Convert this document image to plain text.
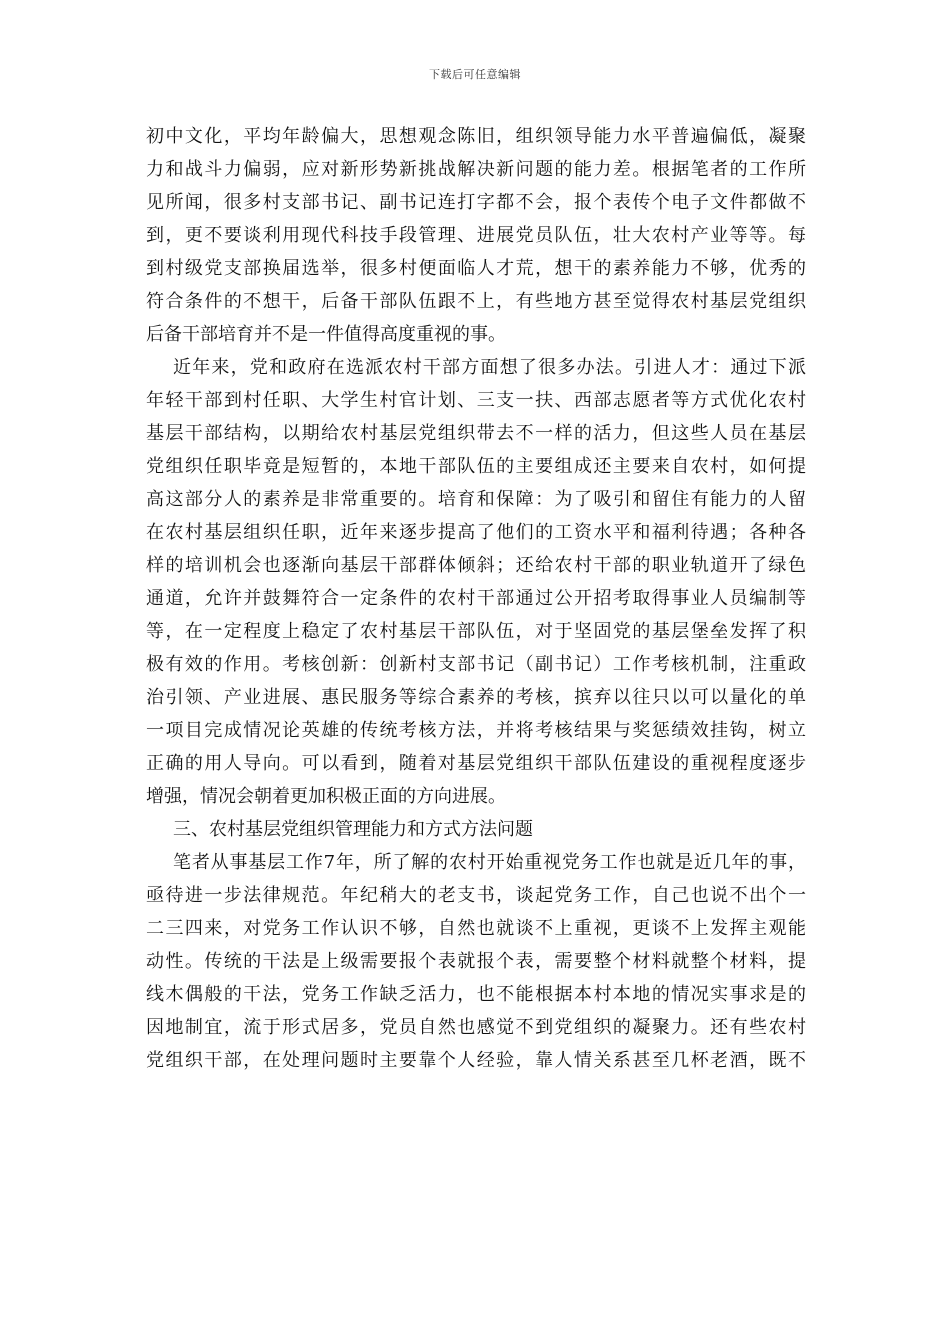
下载后可任意编辑
初中文化，平均年龄偏大，思想观念陈旧，组织领导能力水平普遍偏低，凝聚
力和战斗力偏弱，应对新形势新挑战解决新问题的能力差。根据笔者的工作所
见所闻，很多村支部书记、副书记连打字都不会，报个表传个电子文件都做不
到，更不要谈利用现代科技手段管理、进展党员队伍，壮大农村产业等等。每
到村级党支部换届选举，很多村便面临人才荒，想干的素养能力不够，优秀的
符合条件的不想干，后备干部队伍跟不上，有些地方甚至觉得农村基层党组织
后备干部培育并不是一件值得高度重视的事。
近年来，党和政府在选派农村干部方面想了很多办法。引进人才：通过下派
年轻干部到村任职、大学生村官计划、三支一扶、西部志愿者等方式优化农村
基层干部结构，以期给农村基层党组织带去不一样的活力，但这些人员在基层
党组织任职毕竟是短暂的，本地干部队伍的主要组成还主要来自农村，如何提
高这部分人的素养是非常重要的。培育和保障：为了吸引和留住有能力的人留
在农村基层组织任职，近年来逐步提高了他们的工资水平和福利待遇；各种各
样的培训机会也逐渐向基层干部群体倾斜；还给农村干部的职业轨道开了绿色
通道，允许并鼓舞符合一定条件的农村干部通过公开招考取得事业人员编制等
等，在一定程度上稳定了农村基层干部队伍，对于坚固党的基层堡垒发挥了积
极有效的作用。考核创新：创新村支部书记（副书记）工作考核机制，注重政
治引领、产业进展、惠民服务等综合素养的考核，摈弃以往只以可以量化的单
一项目完成情况论英雄的传统考核方法，并将考核结果与奖惩绩效挂钩，树立
正确的用人导向。可以看到，随着对基层党组织干部队伍建设的重视程度逐步
增强，情况会朝着更加积极正面的方向进展。
三、农村基层党组织管理能力和方式方法问题
笔者从事基层工作7年，所了解的农村开始重视党务工作也就是近几年的事，
亟待进一步法律规范。年纪稍大的老支书，谈起党务工作，自己也说不出个一
二三四来，对党务工作认识不够，自然也就谈不上重视，更谈不上发挥主观能
动性。传统的干法是上级需要报个表就报个表，需要整个材料就整个材料，提
线木偶般的干法，党务工作缺乏活力，也不能根据本村本地的情况实事求是的
因地制宜，流于形式居多，党员自然也感觉不到党组织的凝聚力。还有些农村
党组织干部，在处理问题时主要靠个人经验，靠人情关系甚至几杯老酒，既不
